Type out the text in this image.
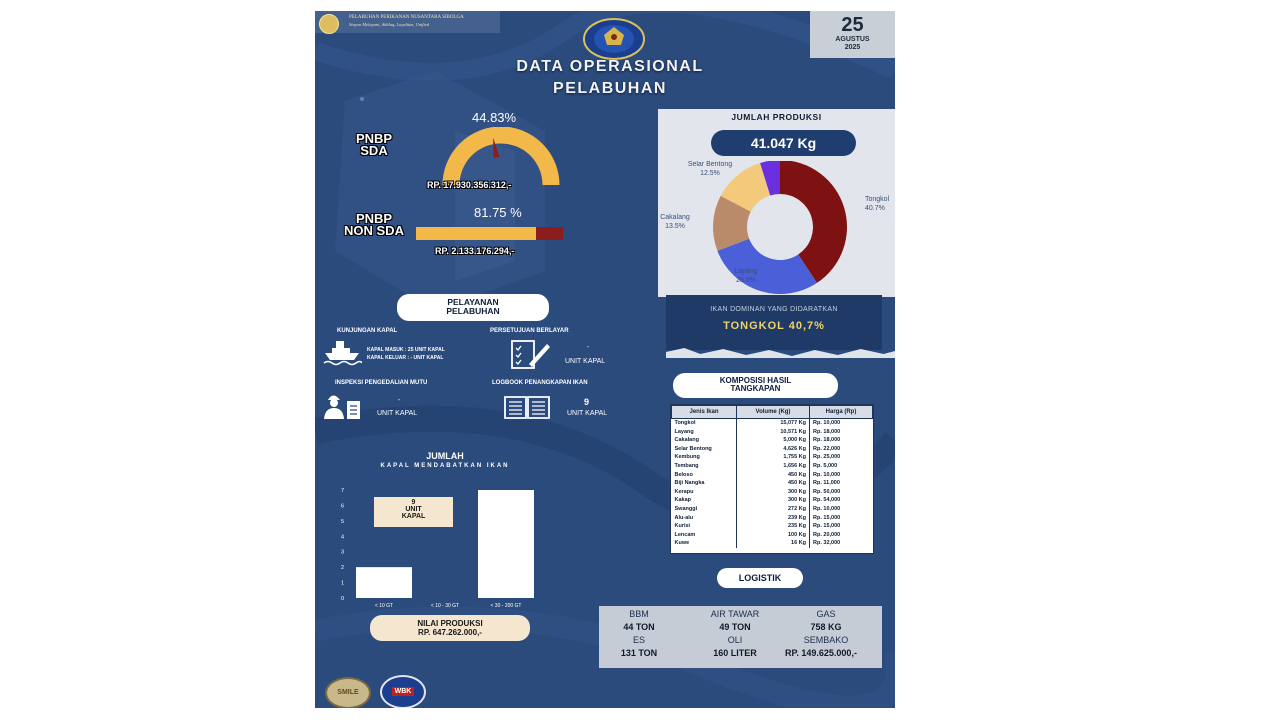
PELABUHAN PERIKANAN NUSANTARA SIBOLGA
Sinyon Melayani, Akhlaq, Loyalitas, Unified	25
AGUSTUS
2025
DATA OPERASIONAL
PELABUHAN
PNBP
SDA
44.83%
RP. 17.930.356.312,-
PNBP
NON SDA
81.75 %
RP. 2.133.176.294,-
PELAYANAN
PELABUHAN
KUNJUNGAN KAPAL
KAPAL MASUK : 25 UNIT KAPAL
KAPAL KELUAR : - UNIT KAPAL
PERSETUJUAN BERLAYAR
-
UNIT KAPAL
INSPEKSI PENGEDALIAN MUTU
-
UNIT KAPAL
LOGBOOK PENANGKAPAN IKAN
9
UNIT KAPAL
JUMLAH
KAPAL MENDABATKAN IKAN
0
1
2
3
4
5
6
7
< 10 GT	< 10 - 30 GT	< 30 - 200 GT
9
UNIT
KAPAL
NILAI PRODUKSI
RP. 647.262.000,-
JUMLAH PRODUKSI
41.047 Kg
Tongkol
40.7%
Layang
28.5%
Cakalang
13.5%
Selar Bentong
12.5%
IKAN DOMINAN YANG DIDARATKAN
TONGKOL 40,7%
KOMPOSISI HASIL
TANGKAPAN
Jenis Ikan	Volume (Kg)	Harga (Rp)
Tongkol	15,077 Kg	Rp. 10,000
Layang	10,571 Kg	Rp. 18,000
Cakalang	5,000 Kg	Rp. 18,000
Selar Bentong	4,626 Kg	Rp. 22,000
Kembung	1,755 Kg	Rp. 25,000
Tembang	1,656 Kg	Rp. 5,000
Beloso	450 Kg	Rp. 10,000
Biji Nangka	450 Kg	Rp. 11,000
Kerapu	300 Kg	Rp. 50,000
Kakap	300 Kg	Rp. 54,000
Swanggi	272 Kg	Rp. 10,000
Alu-alu	239 Kg	Rp. 15,000
Kurisi	235 Kg	Rp. 15,000
Lencam	100 Kg	Rp. 20,000
Kuwe	16 Kg	Rp. 32,000
LOGISTIK
BBM
44 TON
AIR TAWAR
49 TON
GAS
758 KG
ES
131 TON
OLI
160 LITER
SEMBAKO
RP. 149.625.000,-
SMILE	WBK
